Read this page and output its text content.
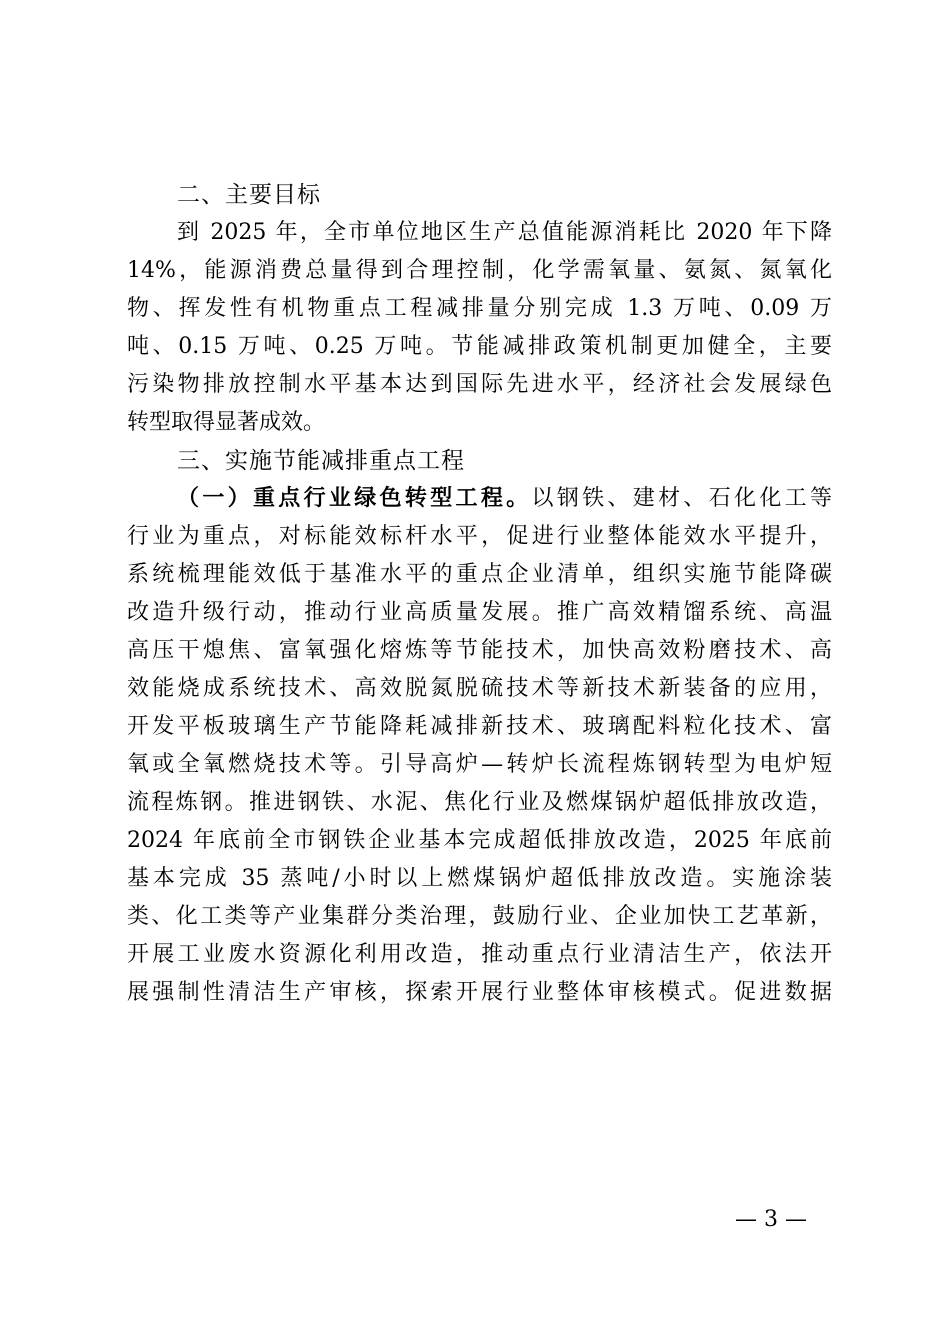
二、主要目标
到 2025 年，全市单位地区生产总值能源消耗比 2020 年下降
14%，能源消费总量得到合理控制，化学需氧量、氨氮、氮氧化
物、挥发性有机物重点工程减排量分别完成 1.3 万吨、0.09 万
吨、0.15 万吨、0.25 万吨。节能减排政策机制更加健全，主要
污染物排放控制水平基本达到国际先进水平，经济社会发展绿色
转型取得显著成效。
三、实施节能减排重点工程
（一）重点行业绿色转型工程。以钢铁、建材、石化化工等
行业为重点，对标能效标杆水平，促进行业整体能效水平提升，
系统梳理能效低于基准水平的重点企业清单，组织实施节能降碳
改造升级行动，推动行业高质量发展。推广高效精馏系统、高温
高压干熄焦、富氧强化熔炼等节能技术，加快高效粉磨技术、高
效能烧成系统技术、高效脱氮脱硫技术等新技术新装备的应用，
开发平板玻璃生产节能降耗减排新技术、玻璃配料粒化技术、富
氧或全氧燃烧技术等。引导高炉—转炉长流程炼钢转型为电炉短
流程炼钢。推进钢铁、水泥、焦化行业及燃煤锅炉超低排放改造，
2024 年底前全市钢铁企业基本完成超低排放改造，2025 年底前
基本完成 35 蒸吨/小时以上燃煤锅炉超低排放改造。实施涂装
类、化工类等产业集群分类治理，鼓励行业、企业加快工艺革新，
开展工业废水资源化利用改造，推动重点行业清洁生产，依法开
展强制性清洁生产审核，探索开展行业整体审核模式。促进数据
— 3 —
